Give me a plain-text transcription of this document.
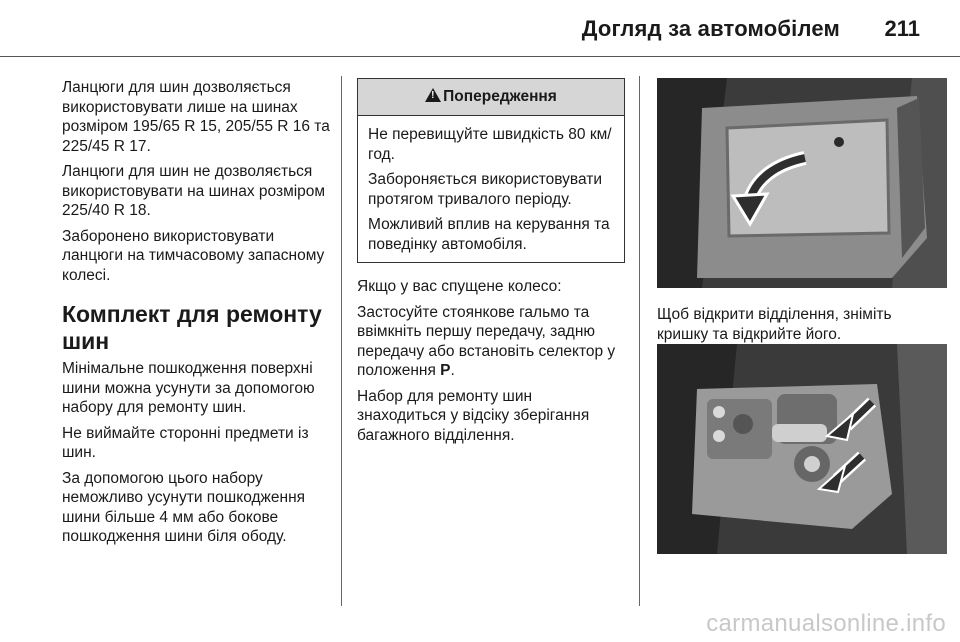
Догляд за автомобілем 211

Ланцюги для шин дозволяється використовувати лише на шинах розміром 195/65 R 15, 205/55 R 16 та 225/45 R 17.

Ланцюги для шин не дозволяється використовувати на шинах розміром 225/40 R 18.

Заборонено використовувати ланцюги на тимчасовому запасному колесі.

Комплект для ремонту шин

Мінімальне пошкодження поверхні шини можна усунути за допомогою набору для ремонту шин.

Не виймайте сторонні предмети із шин.

За допомогою цього набору неможливо усунути пошкодження шини більше 4 мм або бокове пошкодження шини біля ободу.

! Попередження

Не перевищуйте швидкість 80 км/год.

Забороняється використовувати протягом тривалого періоду.

Можливий вплив на керування та поведінку автомобіля.

Якщо у вас спущене колесо:

Застосуйте стоянкове гальмо та ввімкніть першу передачу, задню передачу або встановіть селектор у положення P.

Набор для ремонту шин знаходиться у відсіку зберігання багажного відділення.

Щоб відкрити відділення, зніміть кришку та відкрийте його.
carmanualsonline.info
